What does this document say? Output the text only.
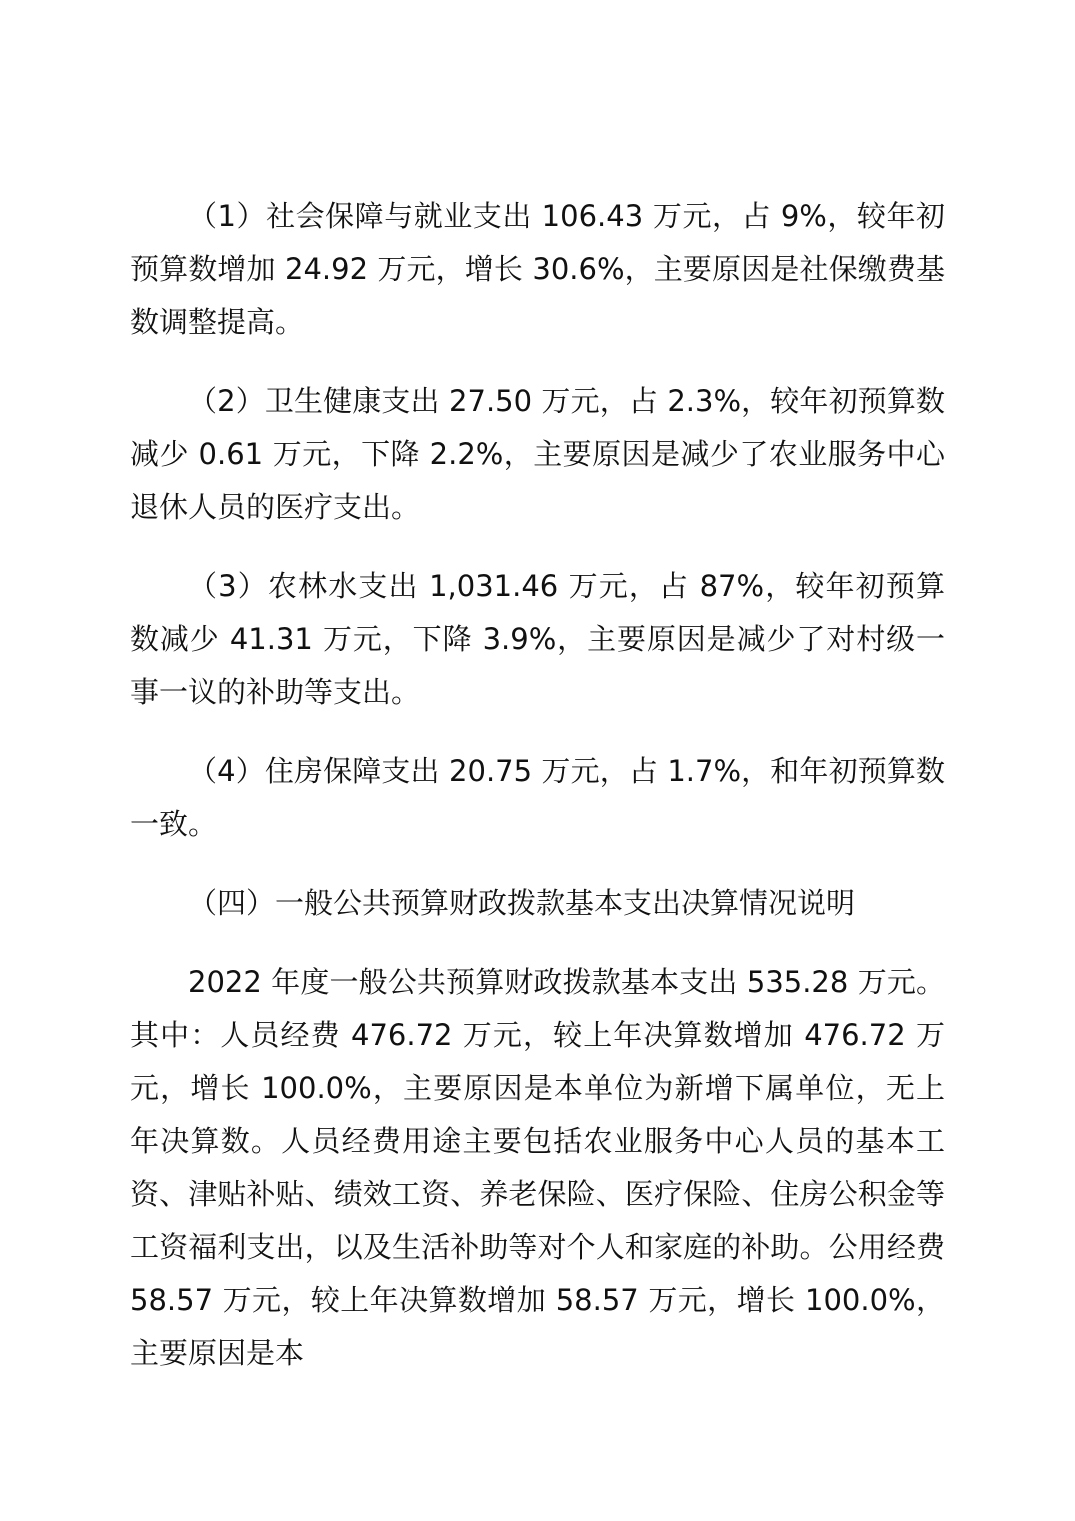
（1）社会保障与就业支出 106.43 万元，占 9%，较年初预算数增加 24.92 万元，增长 30.6%，主要原因是社保缴费基数调整提高。

（2）卫生健康支出 27.50 万元，占 2.3%，较年初预算数减少 0.61 万元，下降 2.2%，主要原因是减少了农业服务中心退休人员的医疗支出。

（3）农林水支出 1,031.46 万元，占 87%，较年初预算数减少 41.31 万元，下降 3.9%，主要原因是减少了对村级一事一议的补助等支出。

（4）住房保障支出 20.75 万元，占 1.7%，和年初预算数一致。

（四）一般公共预算财政拨款基本支出决算情况说明

2022 年度一般公共预算财政拨款基本支出 535.28 万元。其中：人员经费 476.72 万元，较上年决算数增加 476.72 万元，增长 100.0%，主要原因是本单位为新增下属单位，无上年决算数。人员经费用途主要包括农业服务中心人员的基本工资、津贴补贴、绩效工资、养老保险、医疗保险、住房公积金等工资福利支出，以及生活补助等对个人和家庭的补助。公用经费 58.57 万元，较上年决算数增加 58.57 万元，增长 100.0%，主要原因是本
